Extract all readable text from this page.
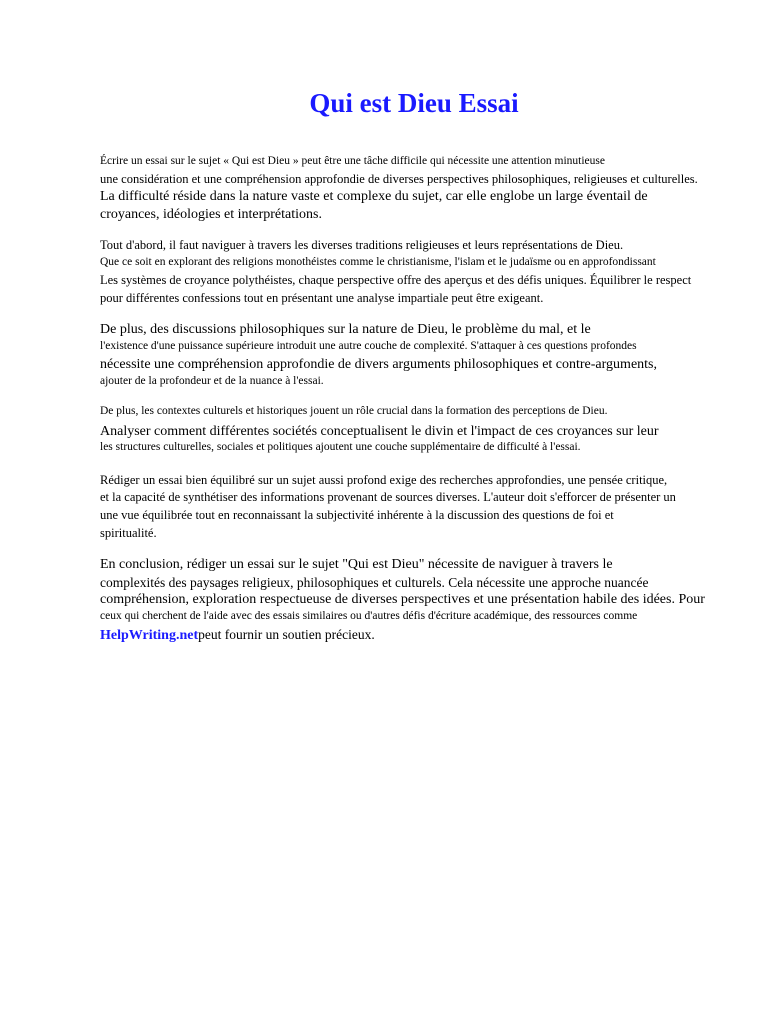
Qui est Dieu Essai

Écrire un essai sur le sujet « Qui est Dieu » peut être une tâche difficile qui nécessite une attention minutieuse

une considération et une compréhension approfondie de diverses perspectives philosophiques, religieuses et culturelles.

La difficulté réside dans la nature vaste et complexe du sujet, car elle englobe un large éventail de

croyances, idéologies et interprétations.

Tout d'abord, il faut naviguer à travers les diverses traditions religieuses et leurs représentations de Dieu.

Que ce soit en explorant des religions monothéistes comme le christianisme, l'islam et le judaïsme ou en approfondissant

Les systèmes de croyance polythéistes, chaque perspective offre des aperçus et des défis uniques. Équilibrer le respect

pour différentes confessions tout en présentant une analyse impartiale peut être exigeant.

De plus, des discussions philosophiques sur la nature de Dieu, le problème du mal, et le

l'existence d'une puissance supérieure introduit une autre couche de complexité. S'attaquer à ces questions profondes

nécessite une compréhension approfondie de divers arguments philosophiques et contre-arguments,

ajouter de la profondeur et de la nuance à l'essai.

De plus, les contextes culturels et historiques jouent un rôle crucial dans la formation des perceptions de Dieu.

Analyser comment différentes sociétés conceptualisent le divin et l'impact de ces croyances sur leur

les structures culturelles, sociales et politiques ajoutent une couche supplémentaire de difficulté à l'essai.

Rédiger un essai bien équilibré sur un sujet aussi profond exige des recherches approfondies, une pensée critique,

et la capacité de synthétiser des informations provenant de sources diverses. L'auteur doit s'efforcer de présenter un

une vue équilibrée tout en reconnaissant la subjectivité inhérente à la discussion des questions de foi et

spiritualité.

En conclusion, rédiger un essai sur le sujet "Qui est Dieu" nécessite de naviguer à travers le

complexités des paysages religieux, philosophiques et culturels. Cela nécessite une approche nuancée

compréhension, exploration respectueuse de diverses perspectives et une présentation habile des idées. Pour

ceux qui cherchent de l'aide avec des essais similaires ou d'autres défis d'écriture académique, des ressources comme

HelpWriting.netpeut fournir un soutien précieux.
